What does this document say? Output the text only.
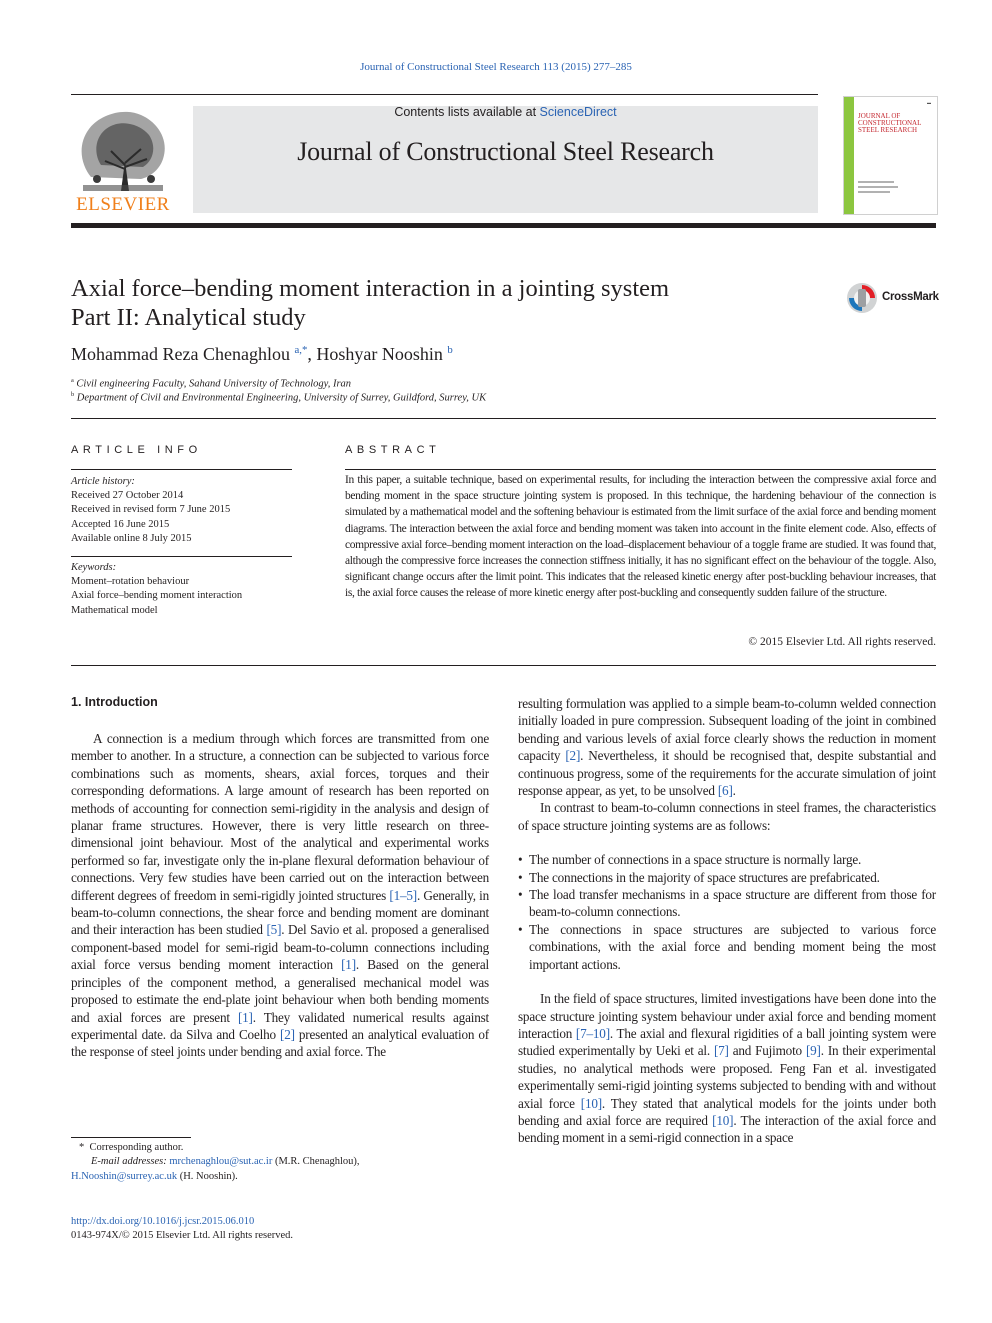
Journal of Constructional Steel Research 113 (2015) 277–285
Contents lists available at ScienceDirect
Journal of Constructional Steel Research
ELSEVIER
▬
JOURNAL OF CONSTRUCTIONAL STEEL RESEARCH
Axial force–bending moment interaction in a jointing system
Part II: Analytical study
CrossMark
Mohammad Reza Chenaghlou $^{a,*}$, Hoshyar Nooshin $^b$
$^a$ Civil engineering Faculty, Sahand University of Technology, Iran
$^b$ Department of Civil and Environmental Engineering, University of Surrey, Guildford, Surrey, UK
ARTICLE INFO
Article history:
Received 27 October 2014
Received in revised form 7 June 2015
Accepted 16 June 2015
Available online 8 July 2015
Keywords:
Moment–rotation behaviour
Axial force–bending moment interaction
Mathematical model
ABSTRACT
In this paper, a suitable technique, based on experimental results, for including the interaction between the compressive axial force and bending moment in the space structure jointing system is proposed. In this technique, the hardening behaviour of the connection is simulated by a mathematical model and the softening behaviour is estimated from the limit surface of the axial force and bending moment diagrams. The interaction between the axial force and bending moment was taken into account in the finite element code. Also, effects of compressive axial force–bending moment interaction on the load–displacement behaviour of a toggle frame are studied. It was found that, although the compressive force increases the connection stiffness initially, it has no significant effect on the behaviour of the toggle. Also, significant change occurs after the limit point. This indicates that the released kinetic energy after post-buckling behaviour increases, that is, the axial force causes the release of more kinetic energy after post-buckling and consequently sudden failure of the structure.
© 2015 Elsevier Ltd. All rights reserved.
1. Introduction

A connection is a medium through which forces are transmitted from one member to another. In a structure, a connection can be subjected to various force combinations such as moments, shears, axial forces, torques and their corresponding deformations. A large amount of research has been reported on methods of accounting for connection semi-rigidity in the analysis and design of planar frame structures. However, there is very little research on three-dimensional joint behaviour. Most of the analytical and experimental works performed so far, investigate only the in-plane flexural deformation behaviour of connections. Very few studies have been carried out on the interaction between different degrees of freedom in semi-rigidly jointed structures [1–5]. Generally, in beam-to-column connections, the shear force and bending moment are dominant and their interaction has been studied [5]. Del Savio et al. proposed a generalised component-based model for semi-rigid beam-to-column connections including axial force versus bending moment interaction [1]. Based on the general principles of the component method, a generalised mechanical model was proposed to estimate the end-plate joint behaviour when both bending moments and axial forces are present [1]. They validated numerical results against experimental date. da Silva and Coelho [2] presented an analytical evaluation of the response of steel joints under bending and axial force. The

resulting formulation was applied to a simple beam-to-column welded connection initially loaded in pure compression. Subsequent loading of the joint in combined bending and various levels of axial force clearly shows the reduction in moment capacity [2]. Nevertheless, it should be recognised that, despite substantial and continuous progress, some of the requirements for the accurate simulation of joint response appear, as yet, to be unsolved [6].

In contrast to beam-to-column connections in steel frames, the characteristics of space structure jointing systems are as follows:

• The number of connections in a space structure is normally large.
• The connections in the majority of space structures are prefabricated.
• The load transfer mechanisms in a space structure are different from those for beam-to-column connections.
• The connections in space structures are subjected to various force combinations, with the axial force and bending moment being the most important actions.

In the field of space structures, limited investigations have been done into the space structure jointing system behaviour under axial force and bending moment interaction [7–10]. The axial and flexural rigidities of a ball jointing system were studied experimentally by Ueki et al. [7] and Fujimoto [9]. In their experimental studies, no analytical methods were proposed. Feng Fan et al. investigated experimentally semi-rigid jointing systems subjected to bending with and without axial force [10]. They stated that analytical models for the joints under both bending and axial force are required [10]. The interaction of the axial force and bending moment in a semi-rigid connection in a space

* Corresponding author.
E-mail addresses: mrchenaghlou@sut.ac.ir (M.R. Chenaghlou),
H.Nooshin@surrey.ac.uk (H. Nooshin).
http://dx.doi.org/10.1016/j.jcsr.2015.06.010
0143-974X/© 2015 Elsevier Ltd. All rights reserved.
